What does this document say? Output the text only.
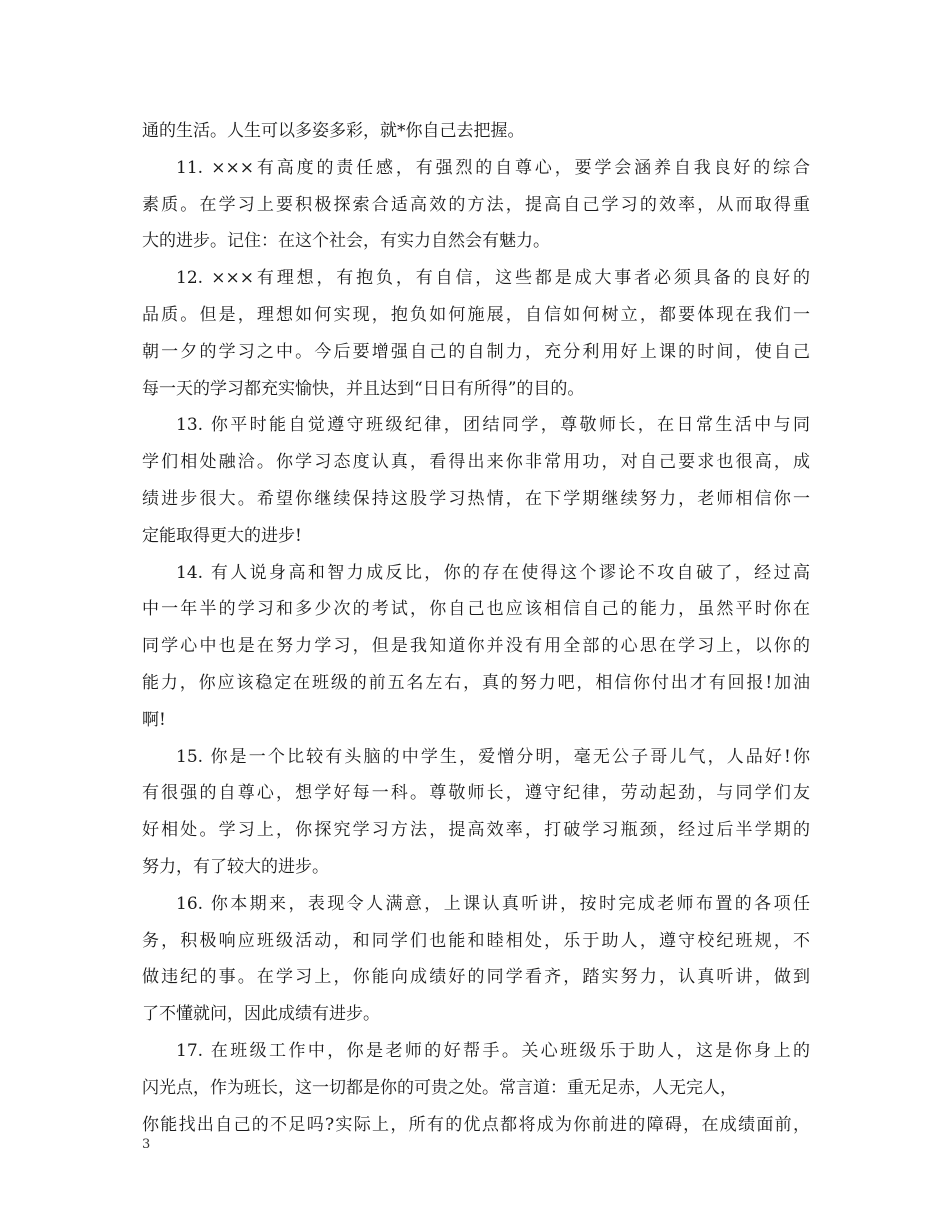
通的生活。人生可以多姿多彩，就*你自己去把握。
11. ×××有高度的责任感，有强烈的自尊心，要学会涵养自我良好的综合
素质。在学习上要积极探索合适高效的方法，提高自己学习的效率，从而取得重
大的进步。记住：在这个社会，有实力自然会有魅力。
12. ×××有理想，有抱负，有自信，这些都是成大事者必须具备的良好的
品质。但是，理想如何实现，抱负如何施展，自信如何树立，都要体现在我们一
朝一夕的学习之中。今后要增强自己的自制力，充分利用好上课的时间，使自己
每一天的学习都充实愉快，并且达到“日日有所得”的目的。
13. 你平时能自觉遵守班级纪律，团结同学，尊敬师长，在日常生活中与同
学们相处融洽。你学习态度认真，看得出来你非常用功，对自己要求也很高，成
绩进步很大。希望你继续保持这股学习热情，在下学期继续努力，老师相信你一
定能取得更大的进步!
14. 有人说身高和智力成反比，你的存在使得这个谬论不攻自破了，经过高
中一年半的学习和多少次的考试，你自己也应该相信自己的能力，虽然平时你在
同学心中也是在努力学习，但是我知道你并没有用全部的心思在学习上，以你的
能力，你应该稳定在班级的前五名左右，真的努力吧，相信你付出才有回报!加油
啊!
15. 你是一个比较有头脑的中学生，爱憎分明，毫无公子哥儿气，人品好!你
有很强的自尊心，想学好每一科。尊敬师长，遵守纪律，劳动起劲，与同学们友
好相处。学习上，你探究学习方法，提高效率，打破学习瓶颈，经过后半学期的
努力，有了较大的进步。
16. 你本期来，表现令人满意，上课认真听讲，按时完成老师布置的各项任
务，积极响应班级活动，和同学们也能和睦相处，乐于助人，遵守校纪班规，不
做违纪的事。在学习上，你能向成绩好的同学看齐，踏实努力，认真听讲，做到
了不懂就问，因此成绩有进步。
17. 在班级工作中，你是老师的好帮手。关心班级乐于助人，这是你身上的
闪光点，作为班长，这一切都是你的可贵之处。常言道：重无足赤，人无完人，
你能找出自己的不足吗?实际上，所有的优点都将成为你前进的障碍，在成绩面前，
3
